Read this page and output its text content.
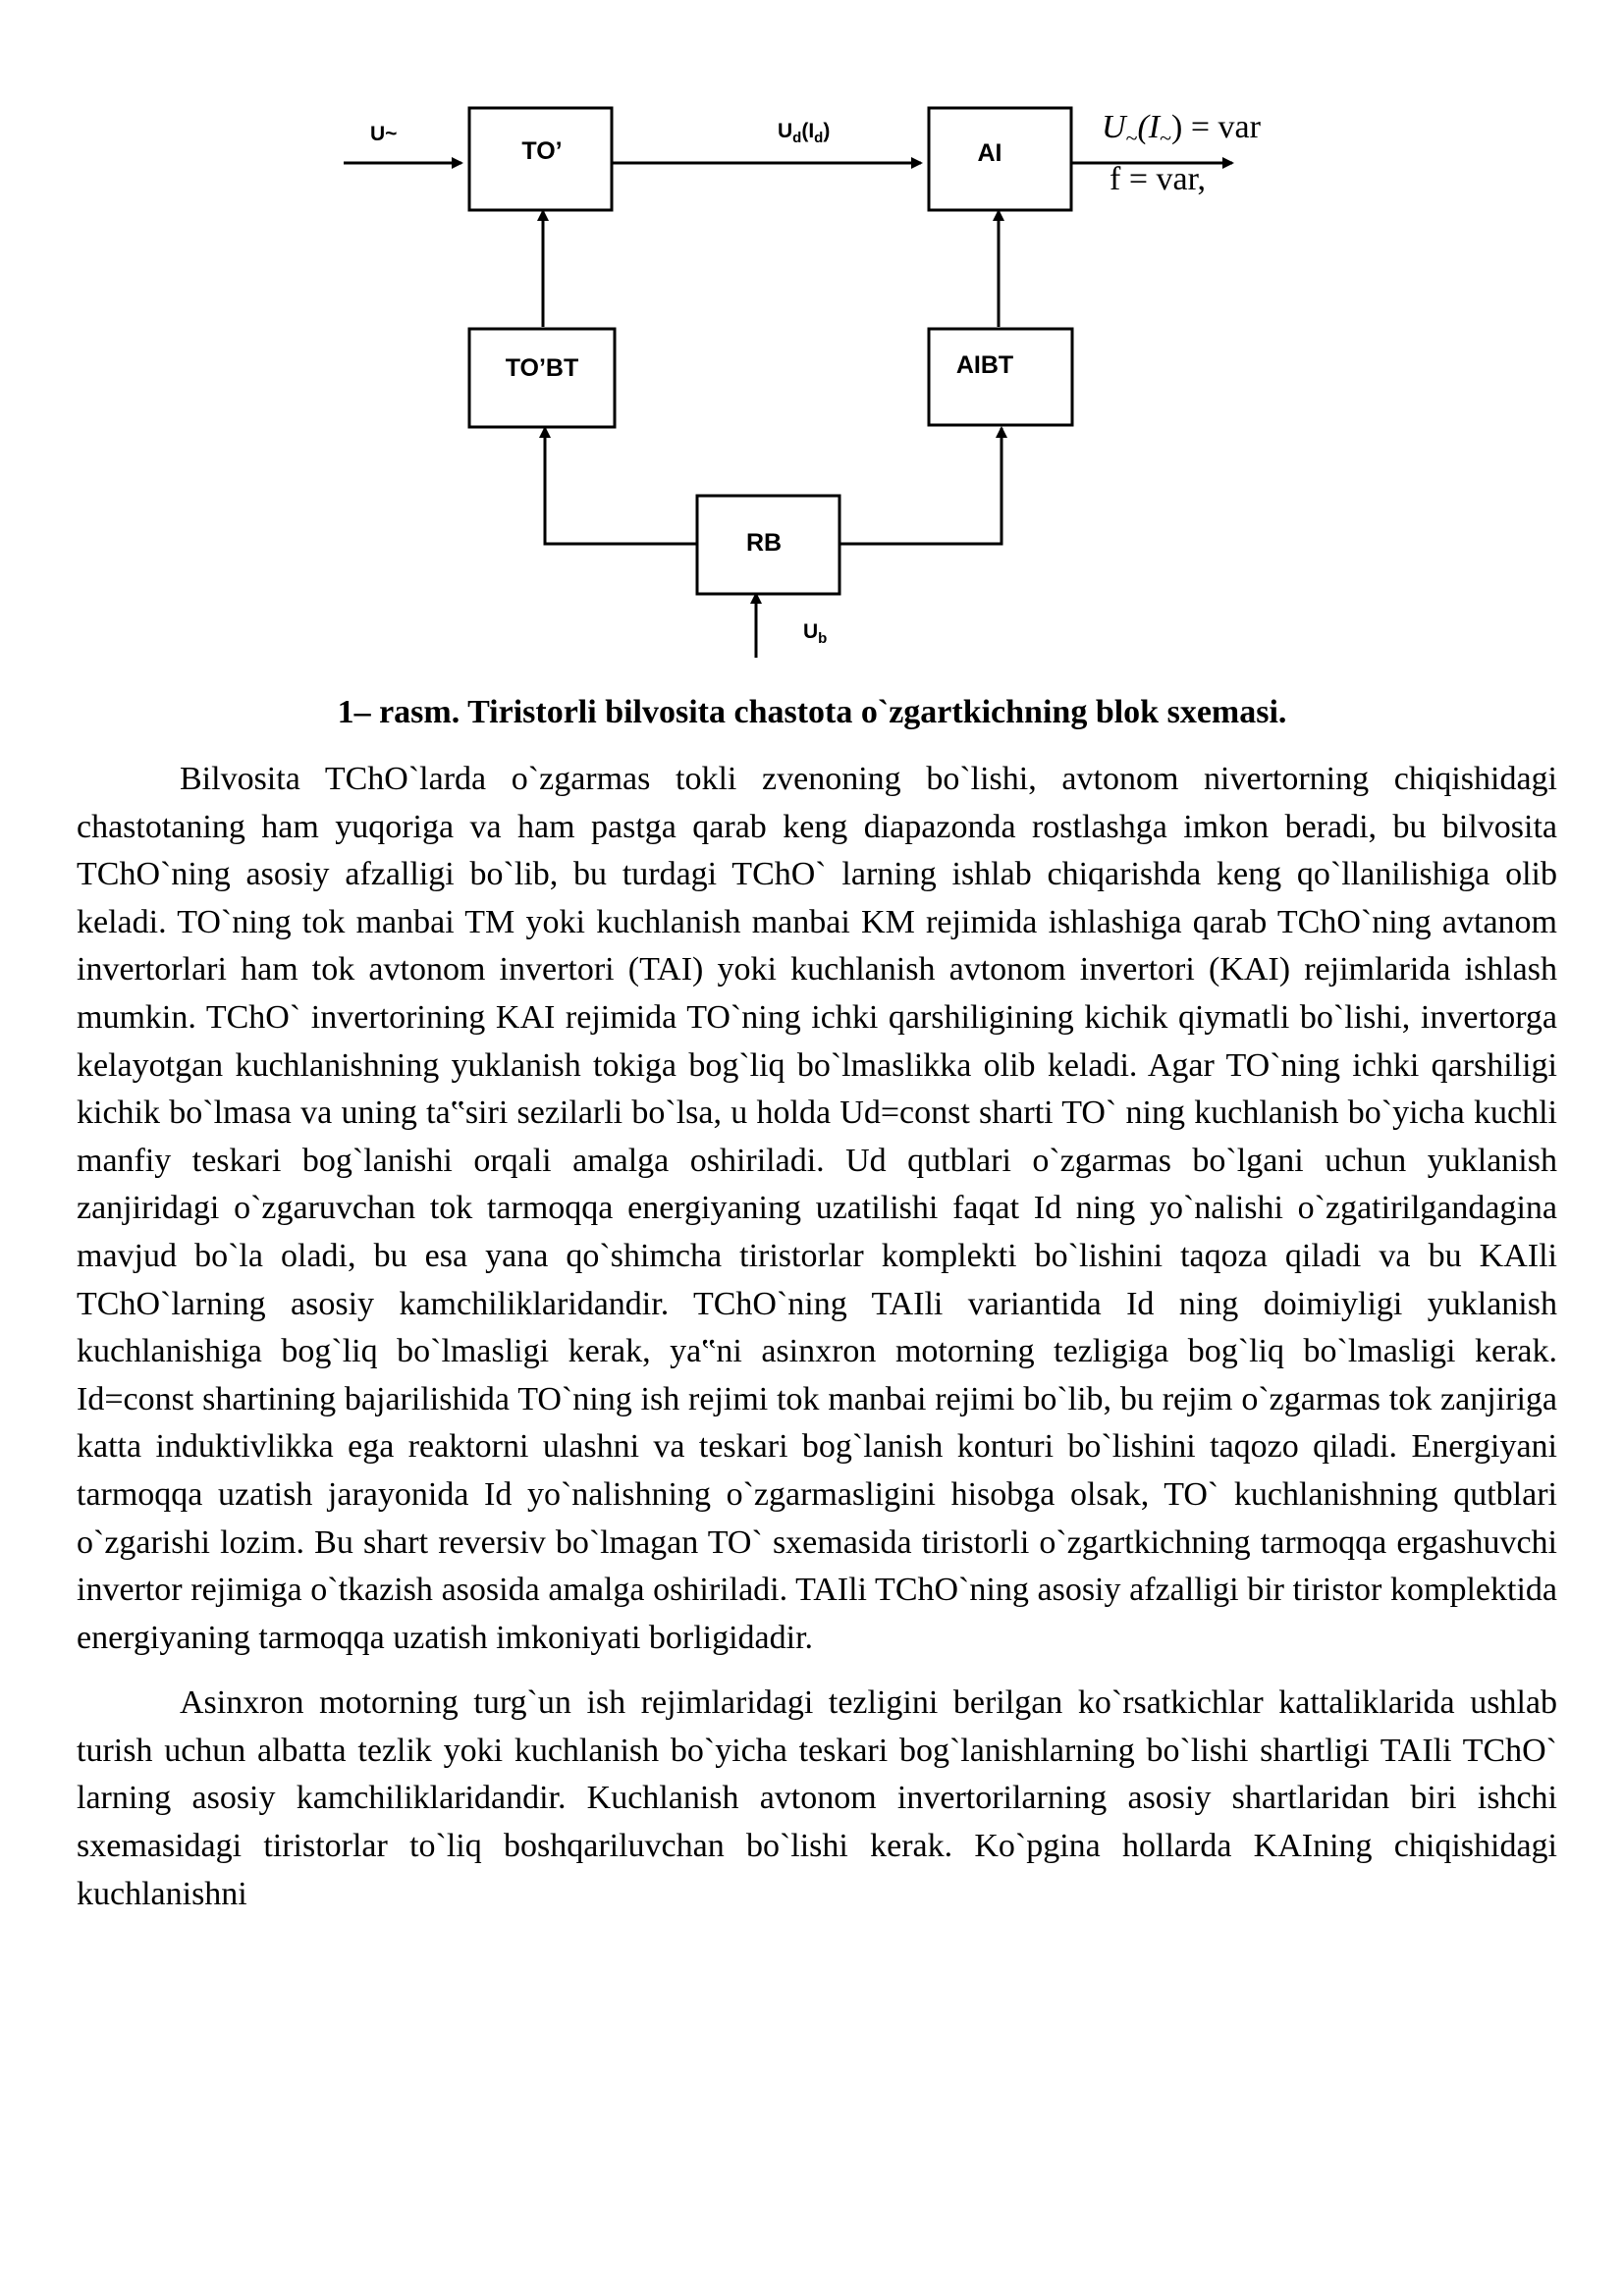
TO’	AI
TO’BT	AIBT
RB
U~	$U_d(I_d)$
$U_b$
$U_\sim(I_\sim)$ = var
f = var,

1– rasm. Tiristorli bilvosita chastota o`zgartkichning blok sxemasi.

Bilvosita TChO`larda o`zgarmas tokli zvenoning bo`lishi, avtonom nivertorning chiqishidagi chastotaning ham yuqoriga va ham pastga qarab keng diapazonda rostlashga imkon beradi, bu bilvosita TChO`ning asosiy afzalligi bo`lib, bu turdagi TChO` larning ishlab chiqarishda keng qo`llanilishiga olib keladi. TO`ning tok manbai TM yoki kuchlanish manbai KM rejimida ishlashiga qarab TChO`ning avtanom invertorlari ham tok avtonom invertori (TAI) yoki kuchlanish avtonom invertori (KAI) rejimlarida ishlash mumkin. TChO` invertorining KAI rejimida TO`ning ichki qarshiligining kichik qiymatli bo`lishi, invertorga kelayotgan kuchlanishning yuklanish tokiga bog`liq bo`lmaslikka olib keladi. Agar TO`ning ichki qarshiligi kichik bo`lmasa va uning ta‟siri sezilarli bo`lsa, u holda Ud=const sharti TO` ning kuchlanish bo`yicha kuchli manfiy teskari bog`lanishi orqali amalga oshiriladi. Ud qutblari o`zgarmas bo`lgani uchun yuklanish zanjiridagi o`zgaruvchan tok tarmoqqa energiyaning uzatilishi faqat Id ning yo`nalishi o`zgatirilgandagina mavjud bo`la oladi, bu esa yana qo`shimcha tiristorlar komplekti bo`lishini taqoza qiladi va bu KAIli TChO`larning asosiy kamchiliklaridandir. TChO`ning TAIli variantida Id ning doimiyligi yuklanish kuchlanishiga bog`liq bo`lmasligi kerak, ya‟ni asinxron motorning tezligiga bog`liq bo`lmasligi kerak. Id=const shartining bajarilishida TO`ning ish rejimi tok manbai rejimi bo`lib, bu rejim o`zgarmas tok zanjiriga katta induktivlikka ega reaktorni ulashni va teskari bog`lanish konturi bo`lishini taqozo qiladi. Energiyani tarmoqqa uzatish jarayonida Id yo`nalishning o`zgarmasligini hisobga olsak, TO` kuchlanishning qutblari o`zgarishi lozim. Bu shart reversiv bo`lmagan TO` sxemasida tiristorli o`zgartkichning tarmoqqa ergashuvchi invertor rejimiga o`tkazish asosida amalga oshiriladi. TAIli TChO`ning asosiy afzalligi bir tiristor komplektida energiyaning tarmoqqa uzatish imkoniyati borligidadir.

Asinxron motorning turg`un ish rejimlaridagi tezligini berilgan ko`rsatkichlar kattaliklarida ushlab turish uchun albatta tezlik yoki kuchlanish bo`yicha teskari bog`lanishlarning bo`lishi shartligi TAIli TChO` larning asosiy kamchiliklaridandir. Kuchlanish avtonom invertorilarning asosiy shartlaridan biri ishchi sxemasidagi tiristorlar to`liq boshqariluvchan bo`lishi kerak. Ko`pgina hollarda KAIning chiqishidagi kuchlanishni
